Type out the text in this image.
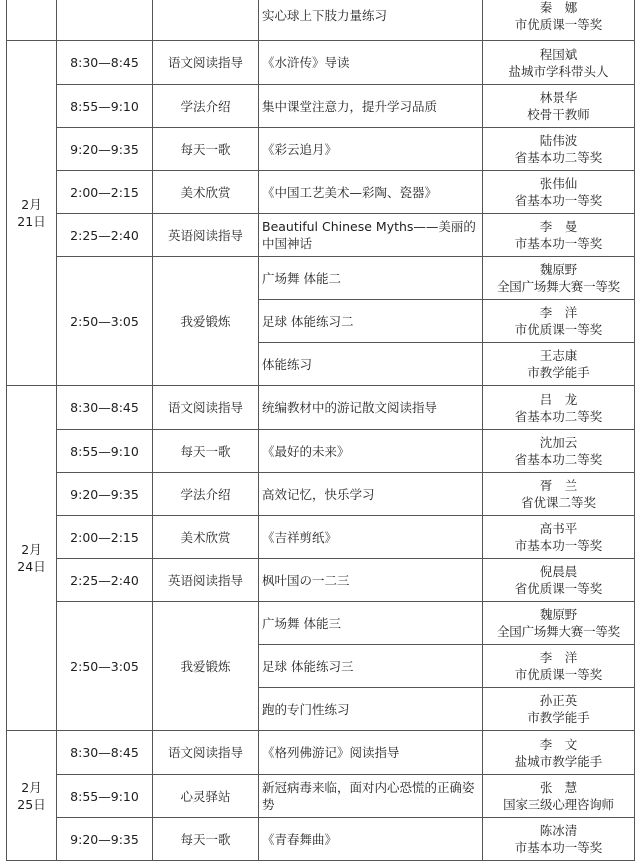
			实心球上下肢力量练习	秦　娜
市优质课一等奖

2月
21日	8:30—8:45	语文阅读指导	《水浒传》导读	程国斌
盐城市学科带头人

	8:55—9:10	学法介绍	集中课堂注意力，提升学习品质	林景华
校骨干教师

	9:20—9:35	每天一歌	《彩云追月》	陆伟波
省基本功二等奖

	2:00—2:15	美术欣赏	《中国工艺美术—彩陶、瓷器》	张伟仙
省基本功一等奖

	2:25—2:40	英语阅读指导	Beautiful Chinese Myths——美丽的中国神话	李　曼
市基本功一等奖

	2:50—3:05	我爱锻炼	广场舞 体能二	魏原野
全国广场舞大赛一等奖

			足球 体能练习二	李　洋
市优质课一等奖

			体能练习	王志康
市教学能手

2月
24日	8:30—8:45	语文阅读指导	统编教材中的游记散文阅读指导	吕　龙
省基本功二等奖

	8:55—9:10	每天一歌	《最好的未来》	沈加云
省基本功二等奖

	9:20—9:35	学法介绍	高效记忆，快乐学习	胥　兰
省优课二等奖

	2:00—2:15	美术欣赏	《吉祥剪纸》	高书平
市基本功一等奖

	2:25—2:40	英语阅读指导	枫叶国の一二三	倪晨晨
省优质课一等奖

	2:50—3:05	我爱锻炼	广场舞 体能三	魏原野
全国广场舞大赛一等奖

			足球 体能练习三	李　洋
市优质课一等奖

			跑的专门性练习	孙正英
市教学能手

2月
25日	8:30—8:45	语文阅读指导	《格列佛游记》阅读指导	李　文
盐城市教学能手

	8:55—9:10	心灵驿站	新冠病毒来临，面对内心恐慌的正确姿势	张　慧
国家三级心理咨询师

	9:20—9:35	每天一歌	《青春舞曲》	陈冰清
市基本功一等奖
